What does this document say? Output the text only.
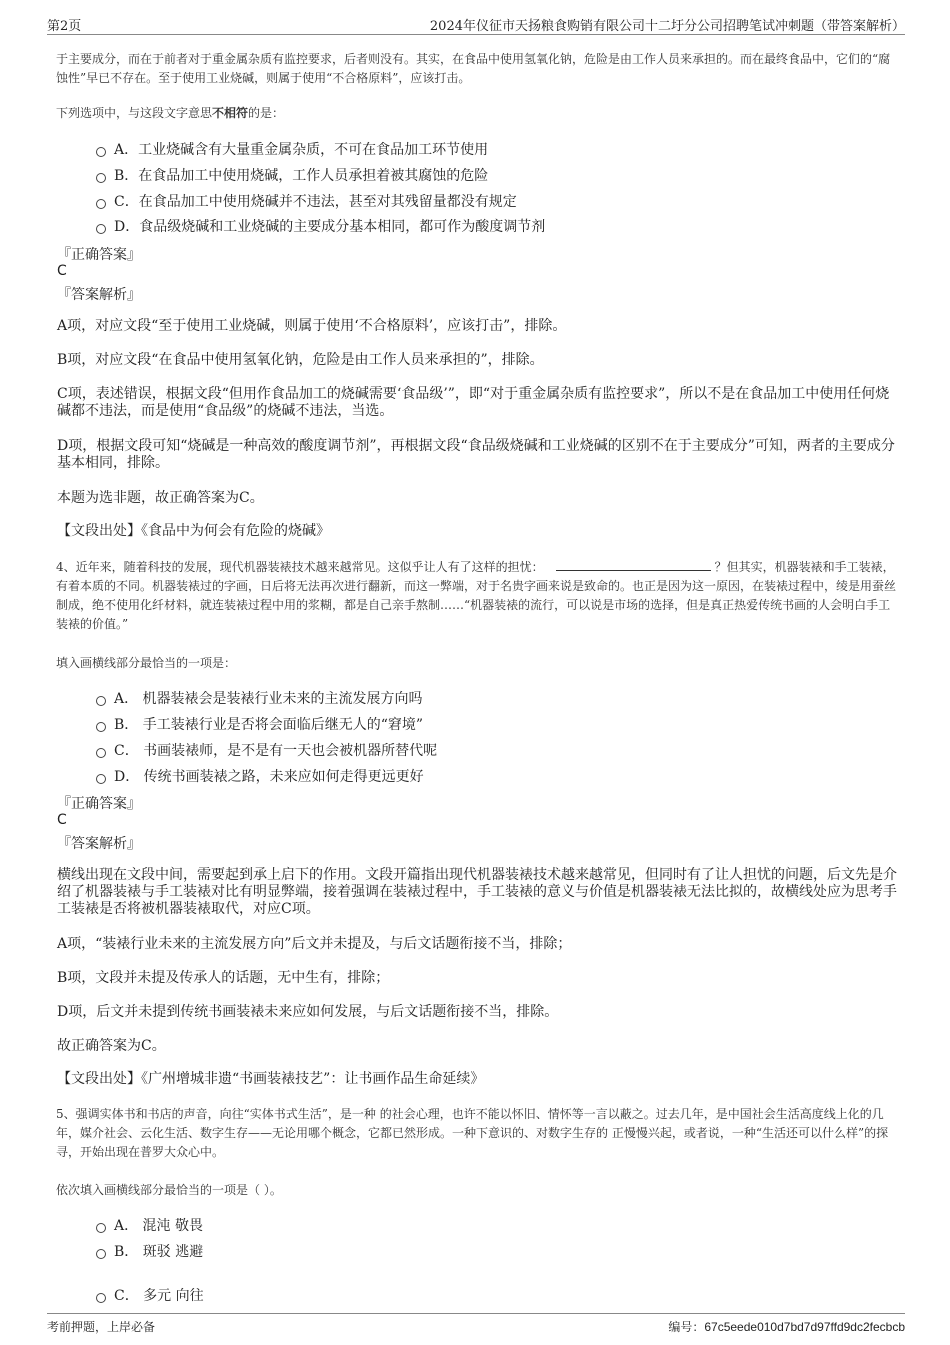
第2页	2024年仪征市天扬粮食购销有限公司十二圩分公司招聘笔试冲刺题（带答案解析）
于主要成分，而在于前者对于重金属杂质有监控要求，后者则没有。其实，在食品中使用氢氧化钠，危险是由工作人员来承担的。而在最终食品中，它们的“腐蚀性”早已不存在。至于使用工业烧碱，则属于使用“不合格原料”，应该打击。
下列选项中，与这段文字意思不相符的是：
A．工业烧碱含有大量重金属杂质，不可在食品加工环节使用
B．在食品加工中使用烧碱，工作人员承担着被其腐蚀的危险
C．在食品加工中使用烧碱并不违法，甚至对其残留量都没有规定
D．食品级烧碱和工业烧碱的主要成分基本相同，都可作为酸度调节剂
『正确答案』
C
『答案解析』
A项，对应文段“至于使用工业烧碱，则属于使用‘不合格原料’，应该打击”，排除。
B项，对应文段“在食品中使用氢氧化钠，危险是由工作人员来承担的”，排除。
C项，表述错误，根据文段“但用作食品加工的烧碱需要‘食品级’”，即“对于重金属杂质有监控要求”，所以不是在食品加工中使用任何烧碱都不违法，而是使用“食品级”的烧碱不违法，当选。
D项，根据文段可知“烧碱是一种高效的酸度调节剂”，再根据文段“食品级烧碱和工业烧碱的区别不在于主要成分”可知，两者的主要成分基本相同，排除。
本题为选非题，故正确答案为C。
【文段出处】《食品中为何会有危险的烧碱》
4、近年来，随着科技的发展，现代机器装裱技术越来越常见。这似乎让人有了这样的担忧：	？但其实，机器装裱和手工装裱，有着本质的不同。机器装裱过的字画，日后将无法再次进行翻新，而这一弊端，对于名贵字画来说是致命的。也正是因为这一原因，在装裱过程中，绫是用蚕丝制成，绝不使用化纤材料，就连装裱过程中用的浆糊，都是自己亲手熬制……“机器装裱的流行，可以说是市场的选择，但是真正热爱传统书画的人会明白手工装裱的价值。”
填入画横线部分最恰当的一项是：
A． 机器装裱会是装裱行业未来的主流发展方向吗
B． 手工装裱行业是否将会面临后继无人的“窘境”
C． 书画装裱师，是不是有一天也会被机器所替代呢
D． 传统书画装裱之路，未来应如何走得更远更好
『正确答案』
C
『答案解析』
横线出现在文段中间，需要起到承上启下的作用。文段开篇指出现代机器装裱技术越来越常见，但同时有了让人担忧的问题，后文先是介绍了机器装裱与手工装裱对比有明显弊端，接着强调在装裱过程中，手工装裱的意义与价值是机器装裱无法比拟的，故横线处应为思考手工装裱是否将被机器装裱取代，对应C项。
A项，“装裱行业未来的主流发展方向”后文并未提及，与后文话题衔接不当，排除；
B项，文段并未提及传承人的话题，无中生有，排除；
D项，后文并未提到传统书画装裱未来应如何发展，与后文话题衔接不当，排除。
故正确答案为C。
【文段出处】《广州增城非遗“书画装裱技艺”：让书画作品生命延续》
5、强调实体书和书店的声音，向往“实体书式生活”，是一种 的社会心理，也许不能以怀旧、情怀等一言以蔽之。过去几年，是中国社会生活高度线上化的几年，媒介社会、云化生活、数字生存——无论用哪个概念，它都已然形成。一种下意识的、对数字生存的 正慢慢兴起，或者说，一种“生活还可以什么样”的探寻，开始出现在普罗大众心中。
依次填入画横线部分最恰当的一项是（ ）。
A． 混沌 敬畏
B． 斑驳 逃避
C． 多元 向往
考前押题，上岸必备	编号：67c5eede010d7bd7d97ffd9dc2fecbcb
